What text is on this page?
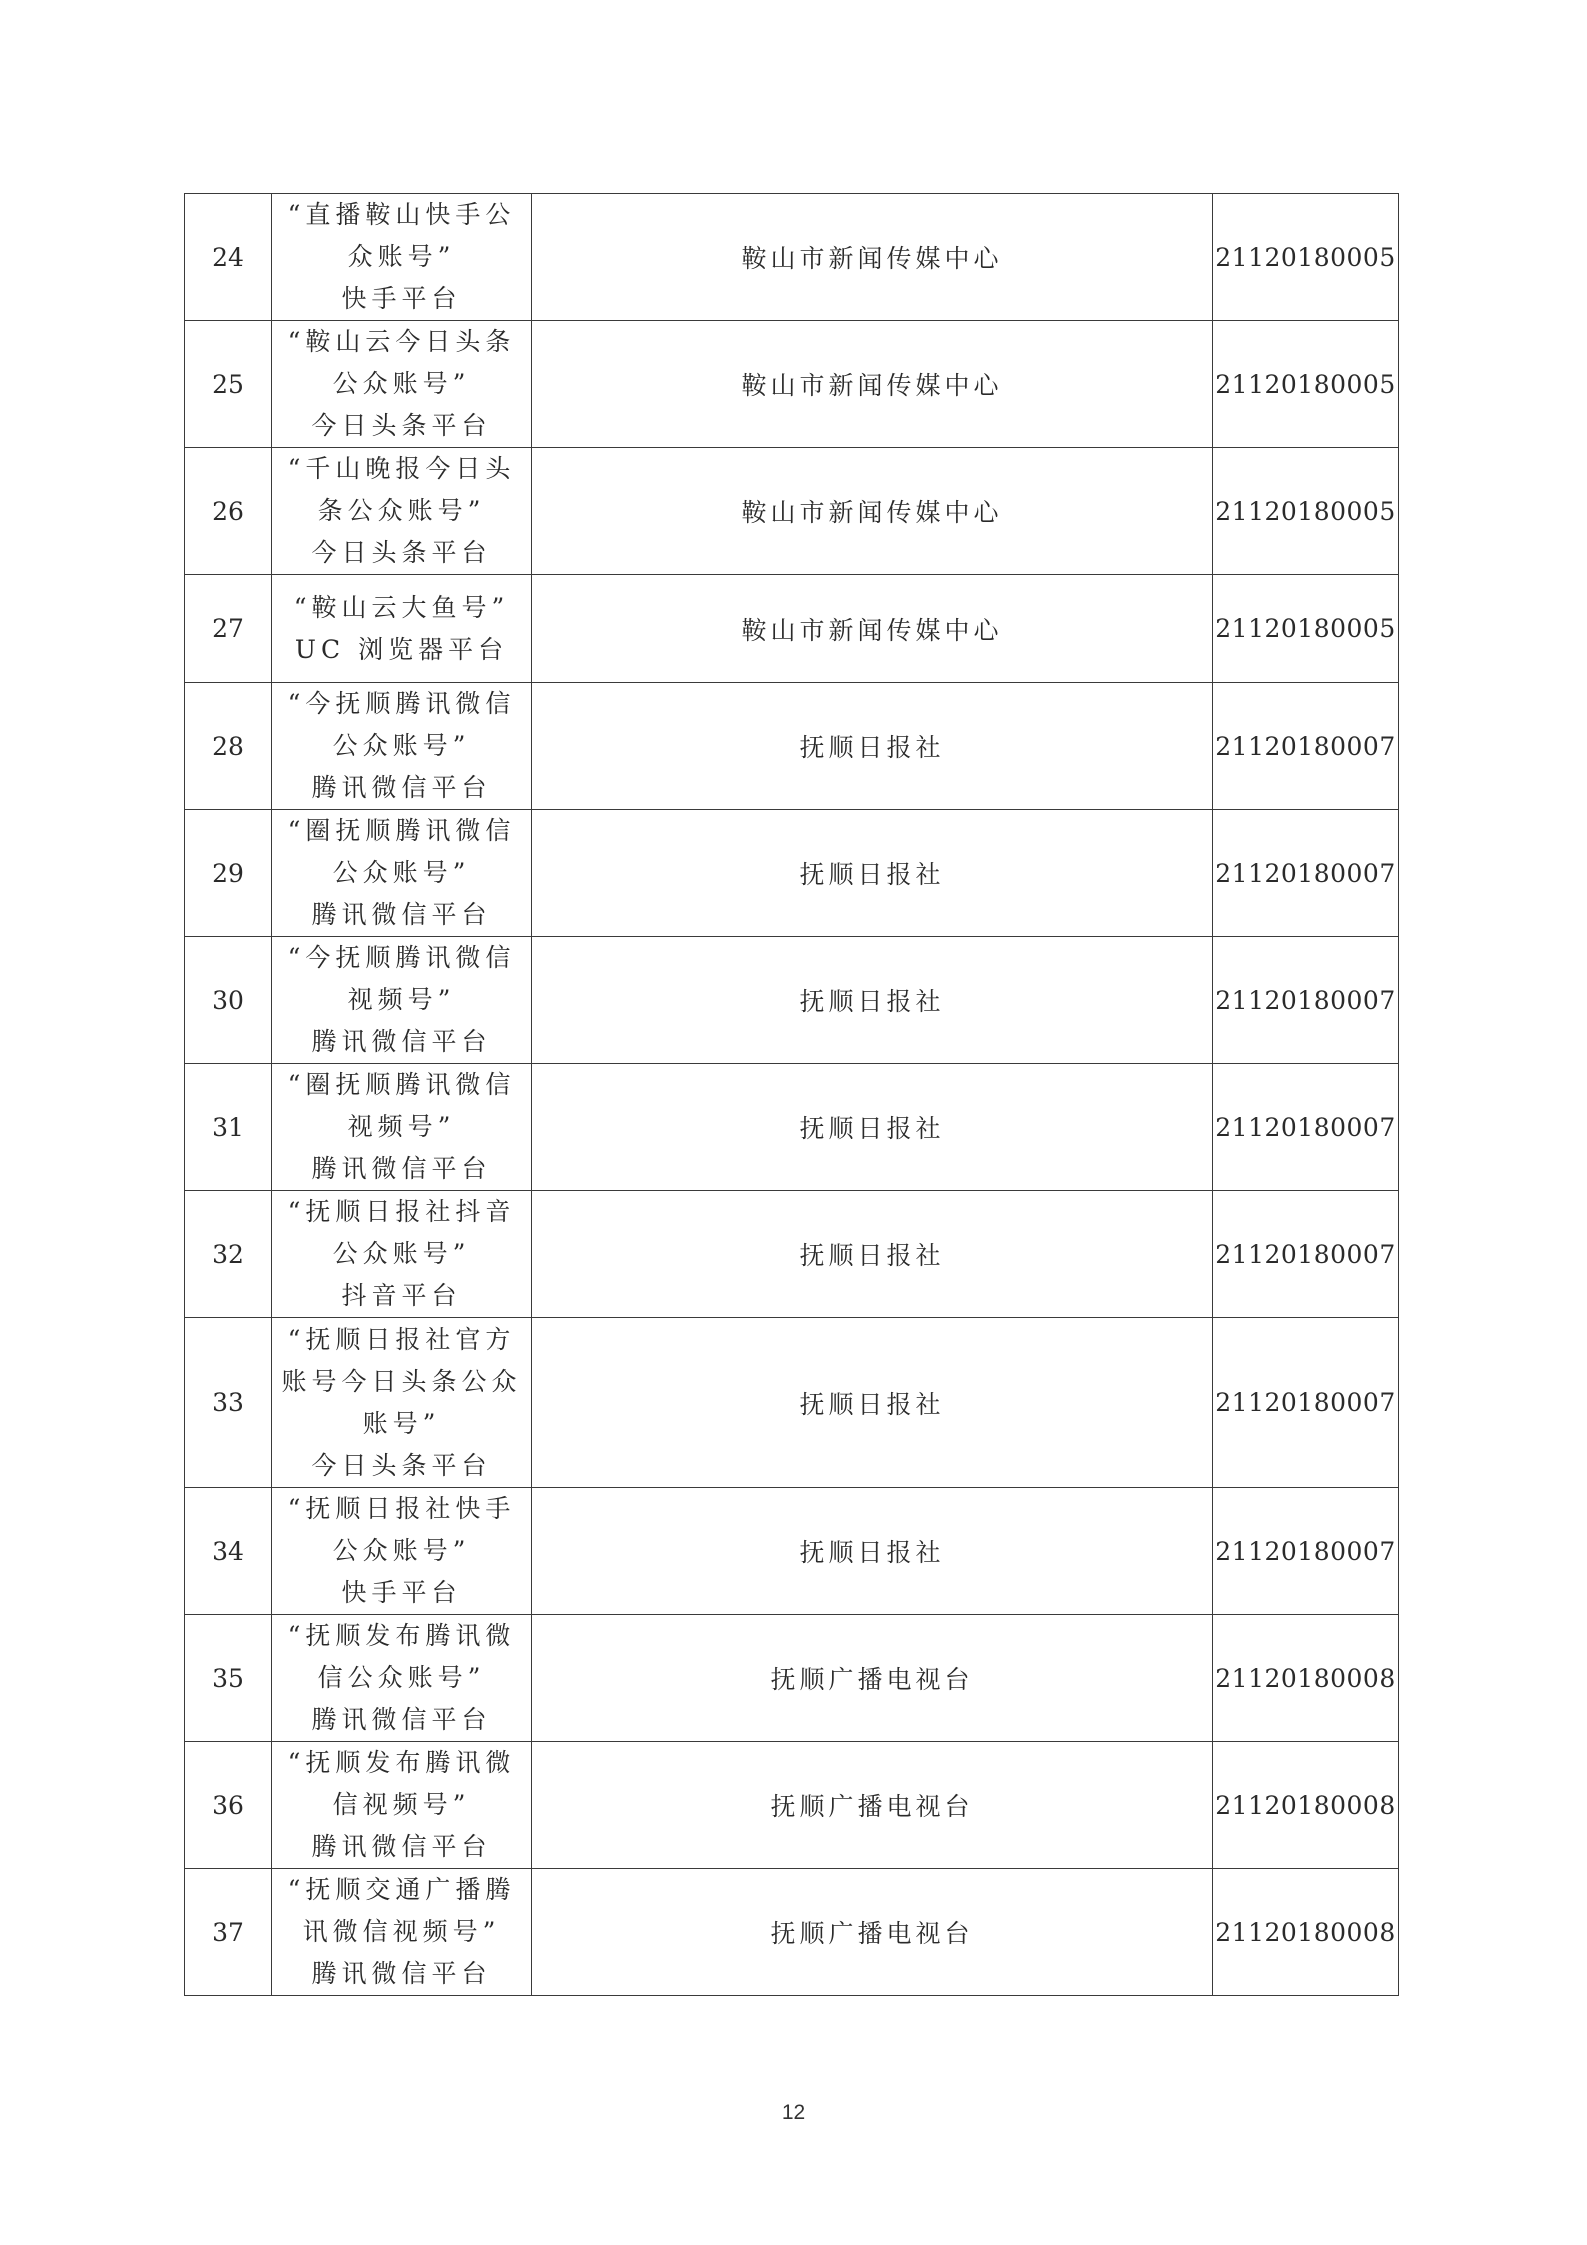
24	“直播鞍山快手公
众账号”
快手平台	鞍山市新闻传媒中心	21120180005
25	“鞍山云今日头条
公众账号”
今日头条平台	鞍山市新闻传媒中心	21120180005
26	“千山晚报今日头
条公众账号”
今日头条平台	鞍山市新闻传媒中心	21120180005
27	“鞍山云大鱼号”
UC 浏览器平台	鞍山市新闻传媒中心	21120180005
28	“今抚顺腾讯微信
公众账号”
腾讯微信平台	抚顺日报社	21120180007
29	“圈抚顺腾讯微信
公众账号”
腾讯微信平台	抚顺日报社	21120180007
30	“今抚顺腾讯微信
视频号”
腾讯微信平台	抚顺日报社	21120180007
31	“圈抚顺腾讯微信
视频号”
腾讯微信平台	抚顺日报社	21120180007
32	“抚顺日报社抖音
公众账号”
抖音平台	抚顺日报社	21120180007
33	“抚顺日报社官方
账号今日头条公众
账号”
今日头条平台	抚顺日报社	21120180007
34	“抚顺日报社快手
公众账号”
快手平台	抚顺日报社	21120180007
35	“抚顺发布腾讯微
信公众账号”
腾讯微信平台	抚顺广播电视台	21120180008
36	“抚顺发布腾讯微
信视频号”
腾讯微信平台	抚顺广播电视台	21120180008
37	“抚顺交通广播腾
讯微信视频号”
腾讯微信平台	抚顺广播电视台	21120180008
12
